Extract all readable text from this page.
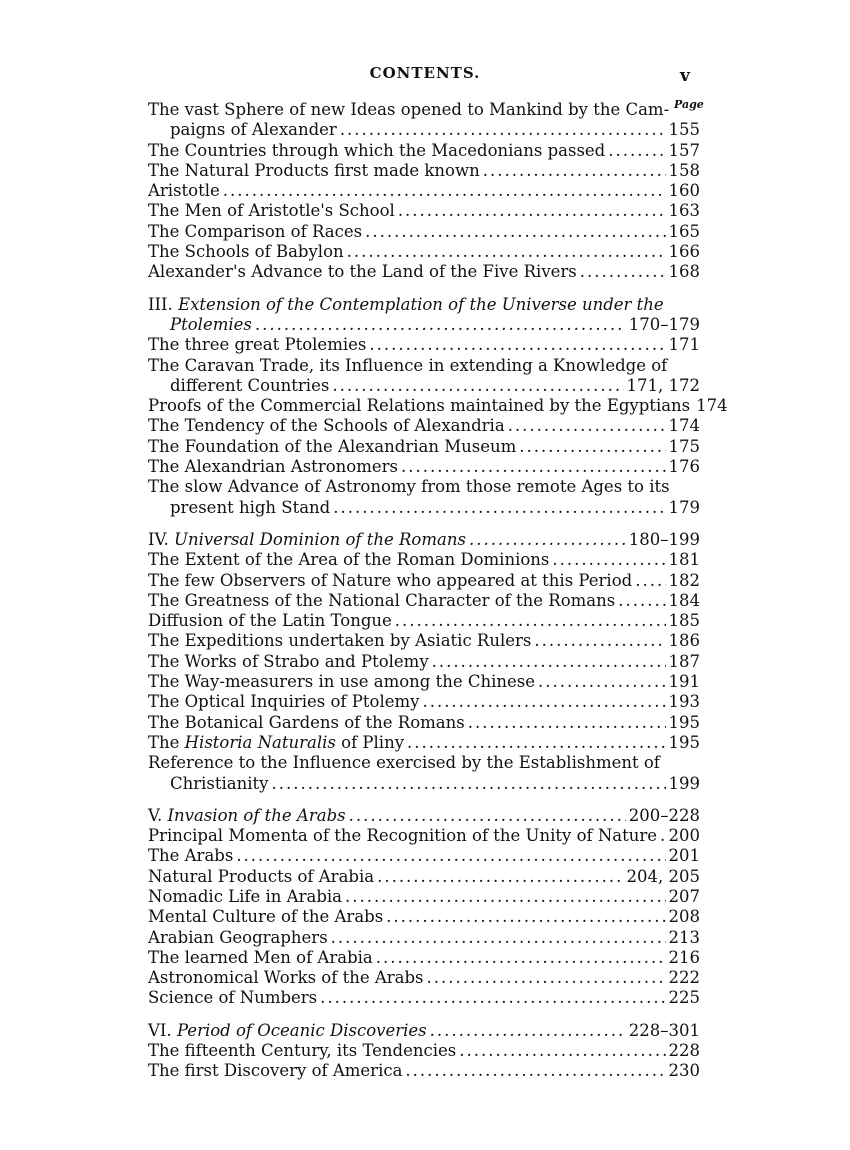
CONTENTS.	v
Page
The vast Sphere of new Ideas opened to Mankind by the Cam-
paigns of Alexander .....	155
The Countries through which the Macedonians passed .....	157
The Natural Products first made known .....	158
Aristotle .....	160
The Men of Aristotle's School .....	163
The Comparison of Races .....	165
The Schools of Babylon .....	166
Alexander's Advance to the Land of the Five Rivers .....	168
III. Extension of the Contemplation of the Universe under the
Ptolemies .....	170–179
The three great Ptolemies .....	171
The Caravan Trade, its Influence in extending a Knowledge of
different Countries .....	171, 172
Proofs of the Commercial Relations maintained by the Egyptians 174
The Tendency of the Schools of Alexandria .....	174
The Foundation of the Alexandrian Museum .....	175
The Alexandrian Astronomers .....	176
The slow Advance of Astronomy from those remote Ages to its
present high Stand .....	179
IV.
Universal Dominion of the Romans .....	180–199
The Extent of the Area of the Roman Dominions .....	181
The few Observers of Nature who appeared at this Period ..... 182
The Greatness of the National Character of the Romans .....	184
Diffusion of the Latin Tongue .....	185
The Expeditions undertaken by Asiatic Rulers .....	186
The Works of Strabo and Ptolemy .....	187
The Way-measurers in use among the Chinese .....	191
The Optical Inquiries of Ptolemy .....	193
The Botanical Gardens of the Romans .....	195
The Historia Naturalis of Pliny .....	195
Reference to the Influence exercised by the Establishment of
Christianity .....	199
V.
Invasion of the Arabs .....	200–228
Principal Momenta of the Recognition of the Unity of Nature ..... 200
The Arabs .....	201
Natural Products of Arabia .....	204, 205
Nomadic Life in Arabia .....	207
Mental Culture of the Arabs .....	208
Arabian Geographers .....	213
The learned Men of Arabia .....	216
Astronomical Works of the Arabs .....	222
Science of Numbers .....	225
VI.
Period of Oceanic Discoveries .....	228–301
The fifteenth Century, its Tendencies .....	228
The first Discovery of America .....	230
